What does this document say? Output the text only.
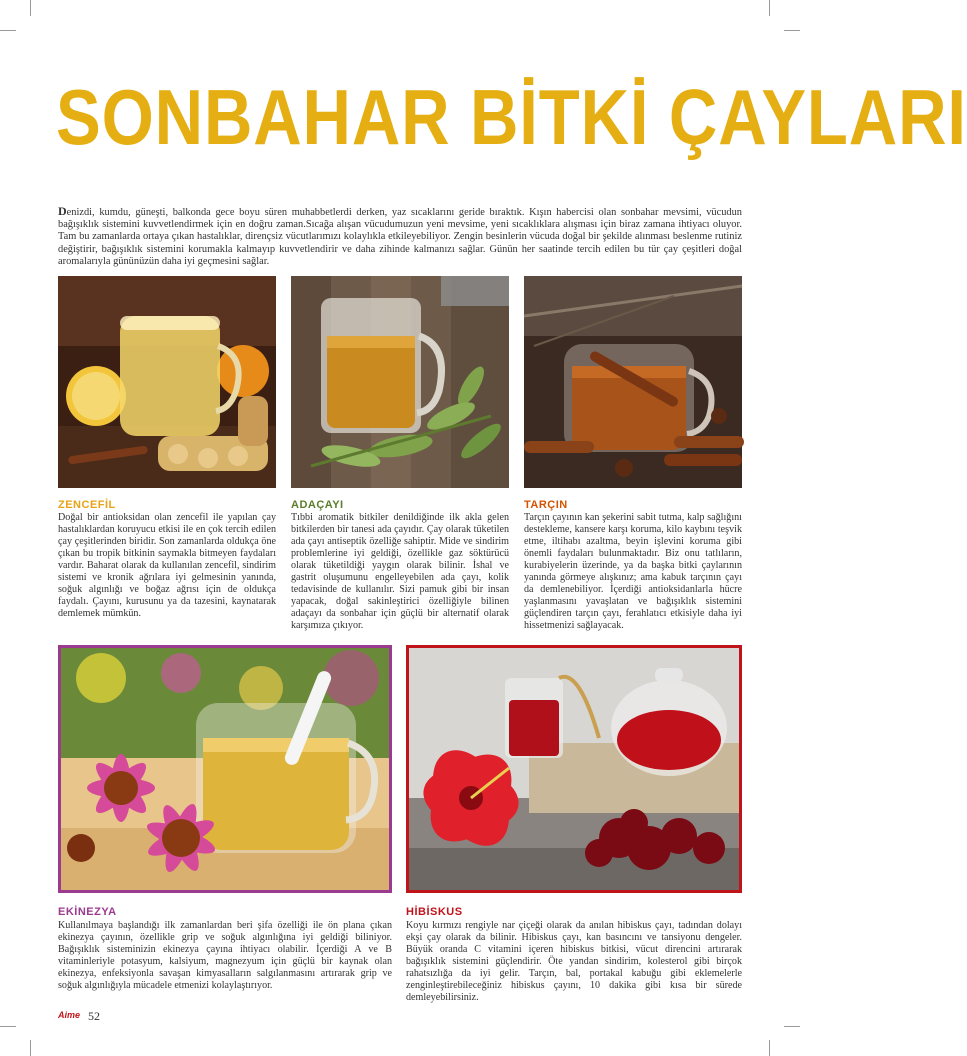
SONBAHAR BİTKİ ÇAYLARI
Denizdi, kumdu, güneşti, balkonda gece boyu süren muhabbetlerdi derken, yaz sıcaklarını geride bıraktık. Kışın habercisi olan sonbahar mevsimi, vücudun bağışıklık sistemini kuvvetlendirmek için en doğru zaman.Sıcağa alışan vücudumuzun yeni mevsime, yeni sıcaklıklara alışması için biraz zamana ihtiyacı oluyor. Tam bu zamanlarda ortaya çıkan hastalıklar, dirençsiz vücutlarımızı kolaylıkla etkileyebiliyor. Zengin besinlerin vücuda doğal bir şekilde alınması beslenme rutiniz değiştirir, bağışıklık sistemini korumakla kalmayıp kuvvetlendirir ve daha zihinde kalmanızı sağlar. Günün her saatinde tercih edilen bu tür çay çeşitleri doğal aromalarıyla gününüzün daha iyi geçmesini sağlar.
ZENCEFİL	ADAÇAYI	TARÇIN
Doğal bir antioksidan olan zencefil ile yapılan çay hastalıklardan koruyucu etkisi ile en çok tercih edilen çay çeşitlerinden biridir. Son zamanlarda oldukça öne çıkan bu tropik bitkinin saymakla bitmeyen faydaları vardır. Baharat olarak da kullanılan zencefil, sindirim sistemi ve kronik ağrılara iyi gelmesinin yanında, soğuk algınlığı ve boğaz ağrısı için de oldukça faydalı. Çayını, kurusunu ya da tazesini, kaynatarak demlemek mümkün.
Tıbbi aromatik bitkiler denildiğinde ilk akla gelen bitkilerden bir tanesi ada çayıdır. Çay olarak tüketilen ada çayı antiseptik özelliğe sahiptir. Mide ve sindirim problemlerine iyi geldiği, özellikle gaz söktürücü olarak tüketildiği yaygın olarak bilinir. İshal ve gastrit oluşumunu engelleyebilen ada çayı, kolik tedavisinde de kullanılır. Sizi pamuk gibi bir insan yapacak, doğal sakinleştirici özelliğiyle bilinen adaçayı da sonbahar için güçlü bir alternatif olarak karşımıza çıkıyor.
Tarçın çayının kan şekerini sabit tutma, kalp sağlığını destekleme, kansere karşı koruma, kilo kaybını teşvik etme, iltihabı azaltma, beyin işlevini koruma gibi önemli faydaları bulunmaktadır. Biz onu tatlıların, kurabiyelerin üzerinde, ya da başka bitki çaylarının yanında görmeye alışkınız; ama kabuk tarçının çayı da demlenebiliyor. İçerdiği antioksidanlarla hücre yaşlanmasını yavaşlatan ve bağışıklık sistemini güçlendiren tarçın çayı, ferahlatıcı etkisiyle daha iyi hissetmenizi sağlayacak.
EKİNEZYA	HİBİSKUS
Kullanılmaya başlandığı ilk zamanlardan beri şifa özelliği ile ön plana çıkan ekinezya çayının, özellikle grip ve soğuk algınlığına iyi geldiği biliniyor. Bağışıklık sisteminizin ekinezya çayına ihtiyacı olabilir. İçerdiği A ve B vitaminleriyle potasyum, kalsiyum, magnezyum için güçlü bir kaynak olan ekinezya, enfeksiyonla savaşan kimyasalların salgılanmasını artırarak grip ve soğuk algınlığıyla mücadele etmenizi kolaylaştırıyor.
Koyu kırmızı rengiyle nar çiçeği olarak da anılan hibiskus çayı, tadından dolayı ekşi çay olarak da bilinir. Hibiskus çayı, kan basıncını ve tansiyonu dengeler. Büyük oranda C vitamini içeren hibiskus bitkisi, vücut direncini artırarak bağışıklık sistemini güçlendirir. Öte yandan sindirim, kolesterol gibi birçok rahatsızlığa da iyi gelir. Tarçın, bal, portakal kabuğu gibi eklemelerle zenginleştirebileceğiniz hibiskus çayını, 10 dakika gibi kısa bir sürede demleyebilirsiniz.
Aime 52
